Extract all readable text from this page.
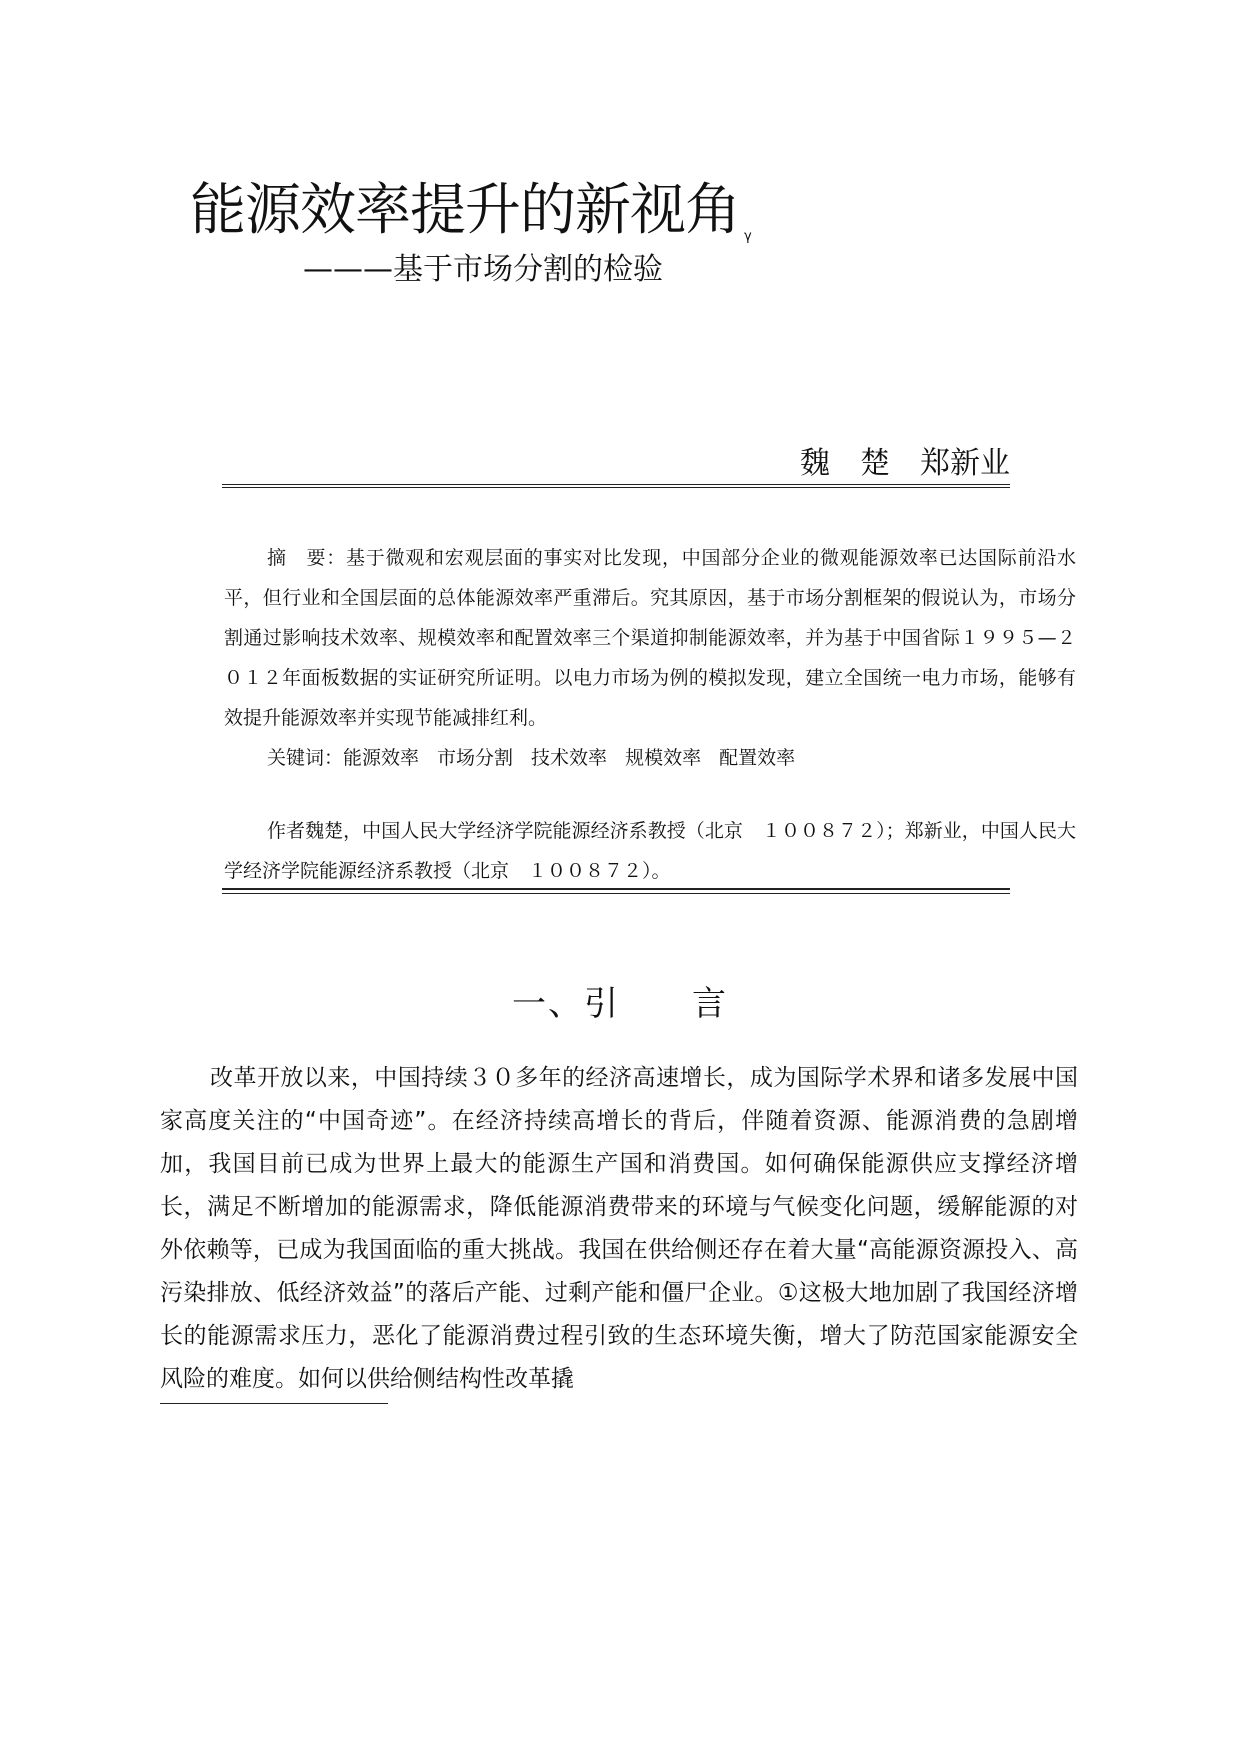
能源效率提升的新视角 $^\gamma$
———基于市场分割的检验
魏　楚　郑新业

摘　要：基于微观和宏观层面的事实对比发现，中国部分企业的微观能源效率已达国际前沿水平，但行业和全国层面的总体能源效率严重滞后。究其原因，基于市场分割框架的假说认为，市场分割通过影响技术效率、规模效率和配置效率三个渠道抑制能源效率，并为基于中国省际１９９５—２０１２年面板数据的实证研究所证明。以电力市场为例的模拟发现，建立全国统一电力市场，能够有效提升能源效率并实现节能减排红利。

关键词：能源效率 市场分割 技术效率 规模效率 配置效率

作者魏楚，中国人民大学经济学院能源经济系教授（北京　１００８７２）；郑新业，中国人民大学经济学院能源经济系教授（北京　１００８７２）。

一、引　　言

改革开放以来，中国持续３０多年的经济高速增长，成为国际学术界和诸多发展中国家高度关注的“中国奇迹”。在经济持续高增长的背后，伴随着资源、能源消费的急剧增加，我国目前已成为世界上最大的能源生产国和消费国。如何确保能源供应支撑经济增长，满足不断增加的能源需求，降低能源消费带来的环境与气候变化问题，缓解能源的对外依赖等，已成为我国面临的重大挑战。我国在供给侧还存在着大量“高能源资源投入、高污染排放、低经济效益”的落后产能、过剩产能和僵尸企业。①这极大地加剧了我国经济增长的能源需求压力，恶化了能源消费过程引致的生态环境失衡，增大了防范国家能源安全风险的难度。如何以供给侧结构性改革撬
